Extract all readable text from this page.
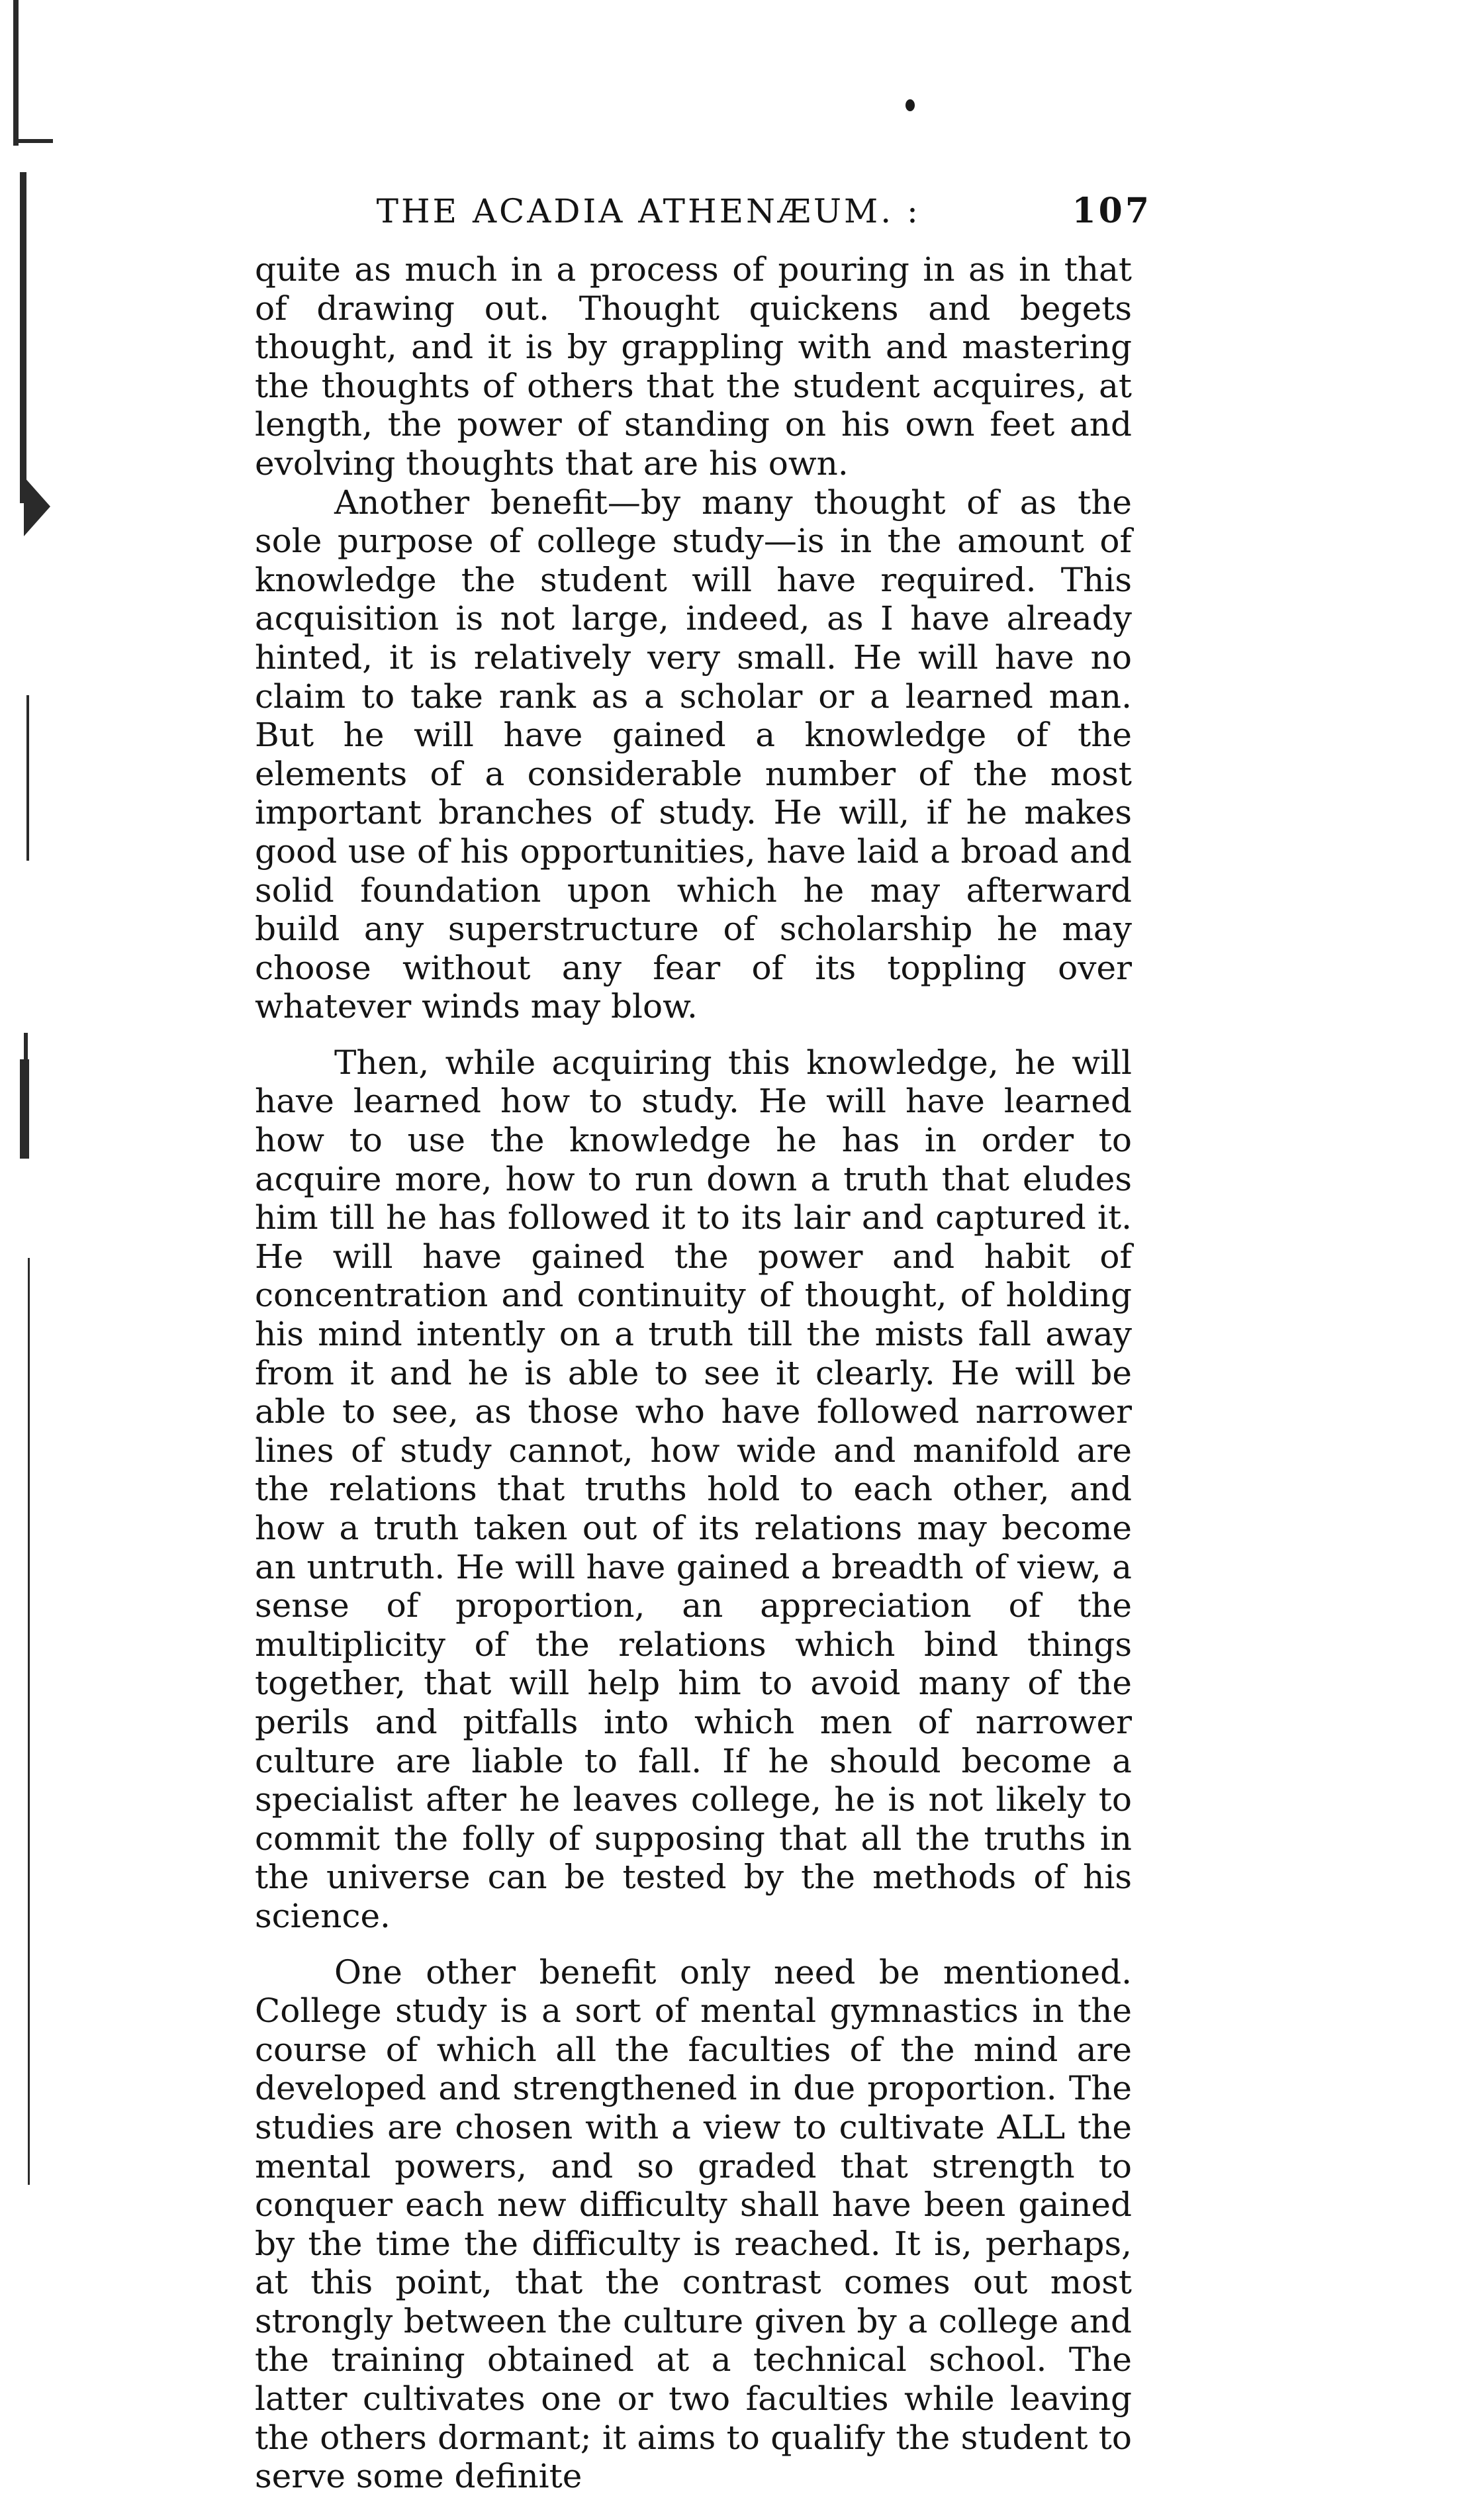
THE ACADIA ATHENÆUM. :	107

quite as much in a process of pouring in as in that of drawing out. Thought quickens and begets thought, and it is by grappling with and mastering the thoughts of others that the student acquires, at length, the power of standing on his own feet and evolving thoughts that are his own.

Another benefit—by many thought of as the sole purpose of college study—is in the amount of knowledge the student will have required. This acquisition is not large, indeed, as I have already hinted, it is relatively very small. He will have no claim to take rank as a scholar or a learned man. But he will have gained a knowledge of the elements of a considerable number of the most important branches of study. He will, if he makes good use of his opportunities, have laid a broad and solid foundation upon which he may afterward build any superstructure of scholarship he may choose without any fear of its toppling over whatever winds may blow.

Then, while acquiring this knowledge, he will have learned how to study. He will have learned how to use the knowledge he has in order to acquire more, how to run down a truth that eludes him till he has followed it to its lair and captured it. He will have gained the power and habit of concentration and continuity of thought, of holding his mind intently on a truth till the mists fall away from it and he is able to see it clearly. He will be able to see, as those who have followed narrower lines of study cannot, how wide and manifold are the relations that truths hold to each other, and how a truth taken out of its relations may become an untruth. He will have gained a breadth of view, a sense of proportion, an appreciation of the multiplicity of the relations which bind things together, that will help him to avoid many of the perils and pitfalls into which men of narrower culture are liable to fall. If he should become a specialist after he leaves college, he is not likely to commit the folly of supposing that all the truths in the universe can be tested by the methods of his science.

One other benefit only need be mentioned. College study is a sort of mental gymnastics in the course of which all the faculties of the mind are developed and strengthened in due proportion. The studies are chosen with a view to cultivate ALL the mental powers, and so graded that strength to conquer each new difficulty shall have been gained by the time the difficulty is reached. It is, perhaps, at this point, that the contrast comes out most strongly between the culture given by a college and the training obtained at a technical school. The latter cultivates one or two faculties while leaving the others dormant; it aims to qualify the student to serve some definite
